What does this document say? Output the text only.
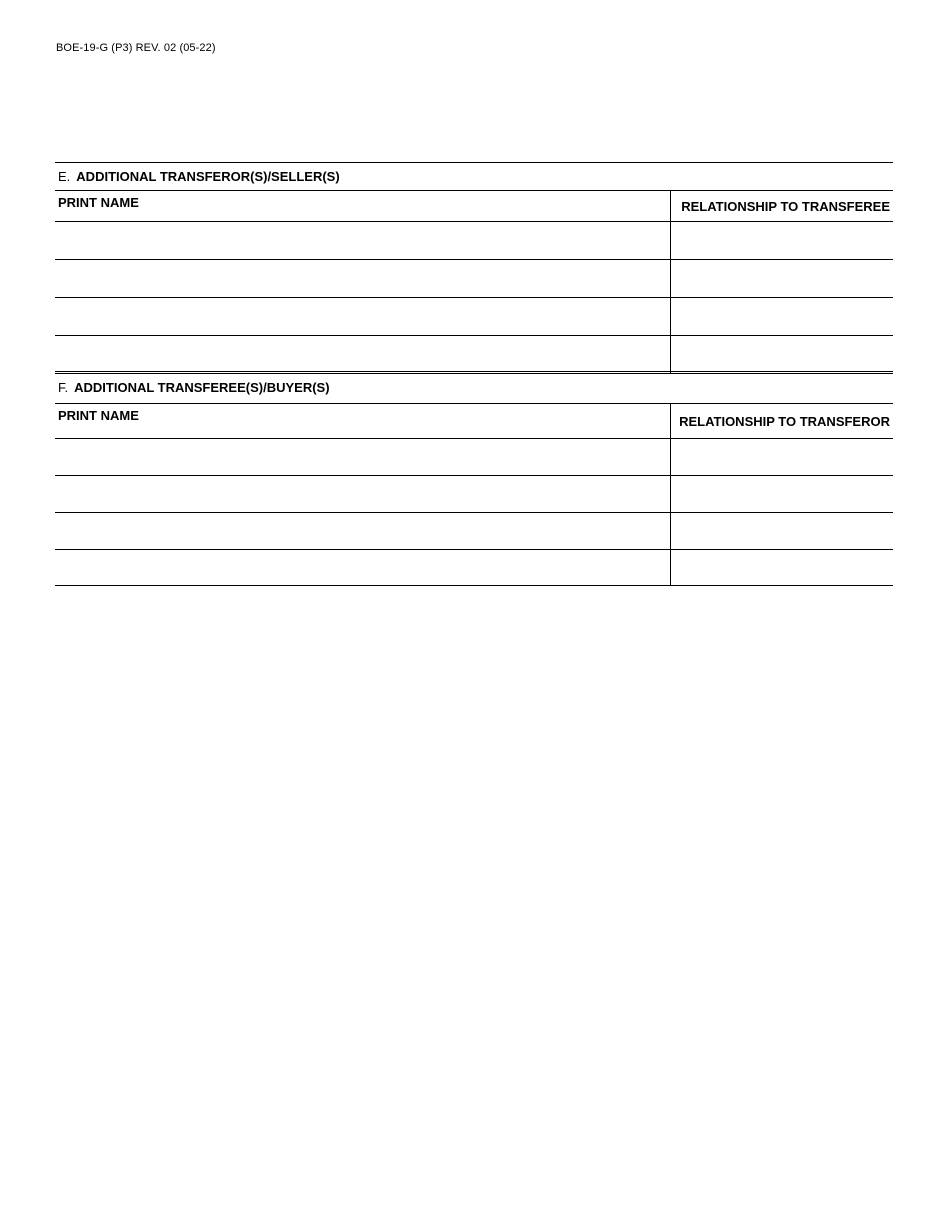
BOE-19-G (P3) REV. 02 (05-22)
E. ADDITIONAL TRANSFEROR(S)/SELLER(S)
PRINT NAME	RELATIONSHIP TO TRANSFEREE
F. ADDITIONAL TRANSFEREE(S)/BUYER(S)
PRINT NAME	RELATIONSHIP TO TRANSFEROR
